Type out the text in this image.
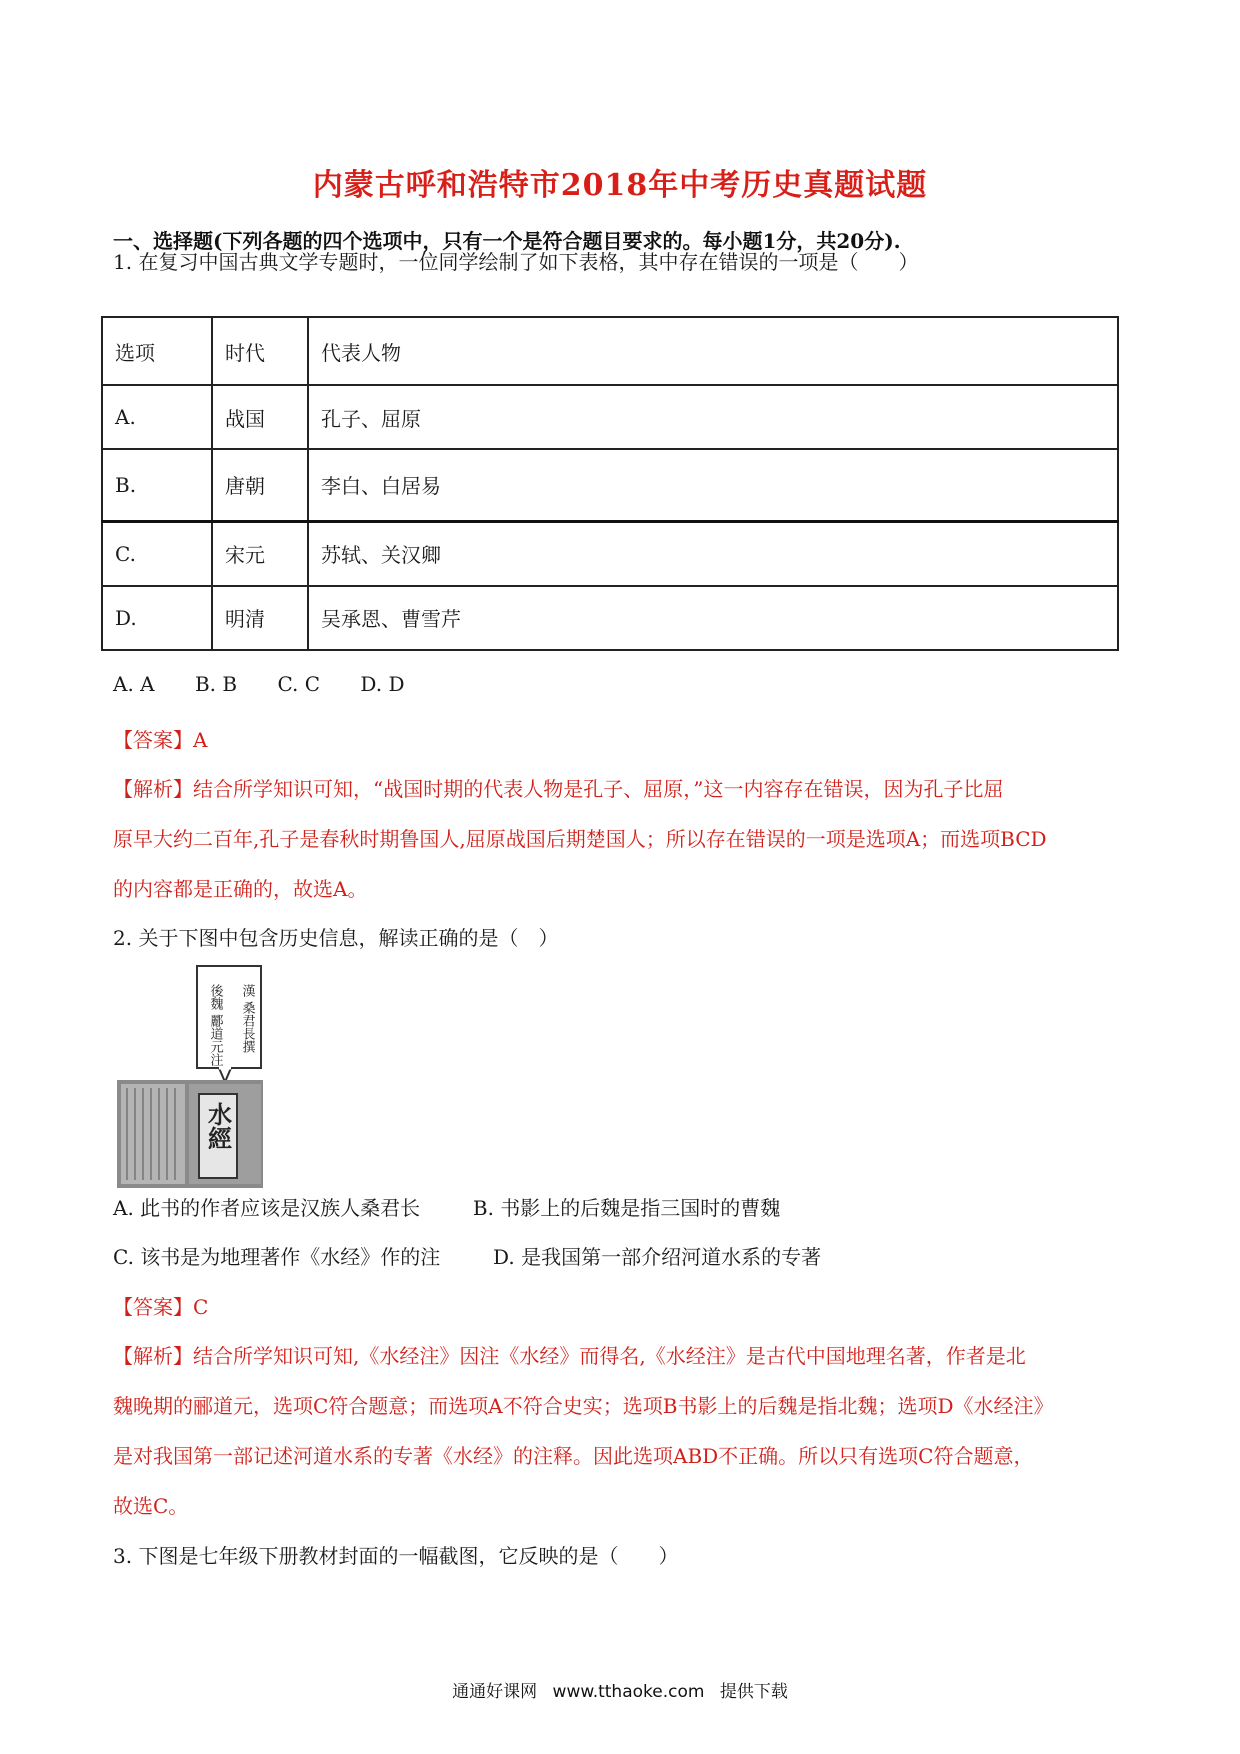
内蒙古呼和浩特市2018年中考历史真题试题
一、选择题(下列各题的四个选项中，只有一个是符合题目要求的。每小题1分，共20分).
1. 在复习中国古典文学专题时，一位同学绘制了如下表格，其中存在错误的一项是（　　）
选项	时代	代表人物
A.	战国	孔子、屈原
B.	唐朝	李白、白居易
C.	宋元	苏轼、关汉卿
D.	明清	吴承恩、曹雪芹
A. A B. B C. C D. D
【答案】A
【解析】结合所学知识可知，“战国时期的代表人物是孔子、屈原，”这一内容存在错误，因为孔子比屈
原早大约二百年,孔子是春秋时期鲁国人,屈原战国后期楚国人；所以存在错误的一项是选项A；而选项BCD
的内容都是正确的，故选A。
2. 关于下图中包含历史信息，解读正确的是（　）
漢 桑君長撰
後魏 酈道元注
水經
A. 此书的作者应该是汉族人桑君长	B. 书影上的后魏是指三国时的曹魏
C. 该书是为地理著作《水经》作的注	D. 是我国第一部介绍河道水系的专著
【答案】C
【解析】结合所学知识可知,《水经注》因注《水经》而得名,《水经注》是古代中国地理名著，作者是北
魏晚期的郦道元，选项C符合题意；而选项A不符合史实；选项B书影上的后魏是指北魏；选项D《水经注》
是对我国第一部记述河道水系的专著《水经》的注释。因此选项ABD不正确。所以只有选项C符合题意，
故选C。
3. 下图是七年级下册教材封面的一幅截图，它反映的是（　　）
通通好课网 www.tthaoke.com 提供下载
